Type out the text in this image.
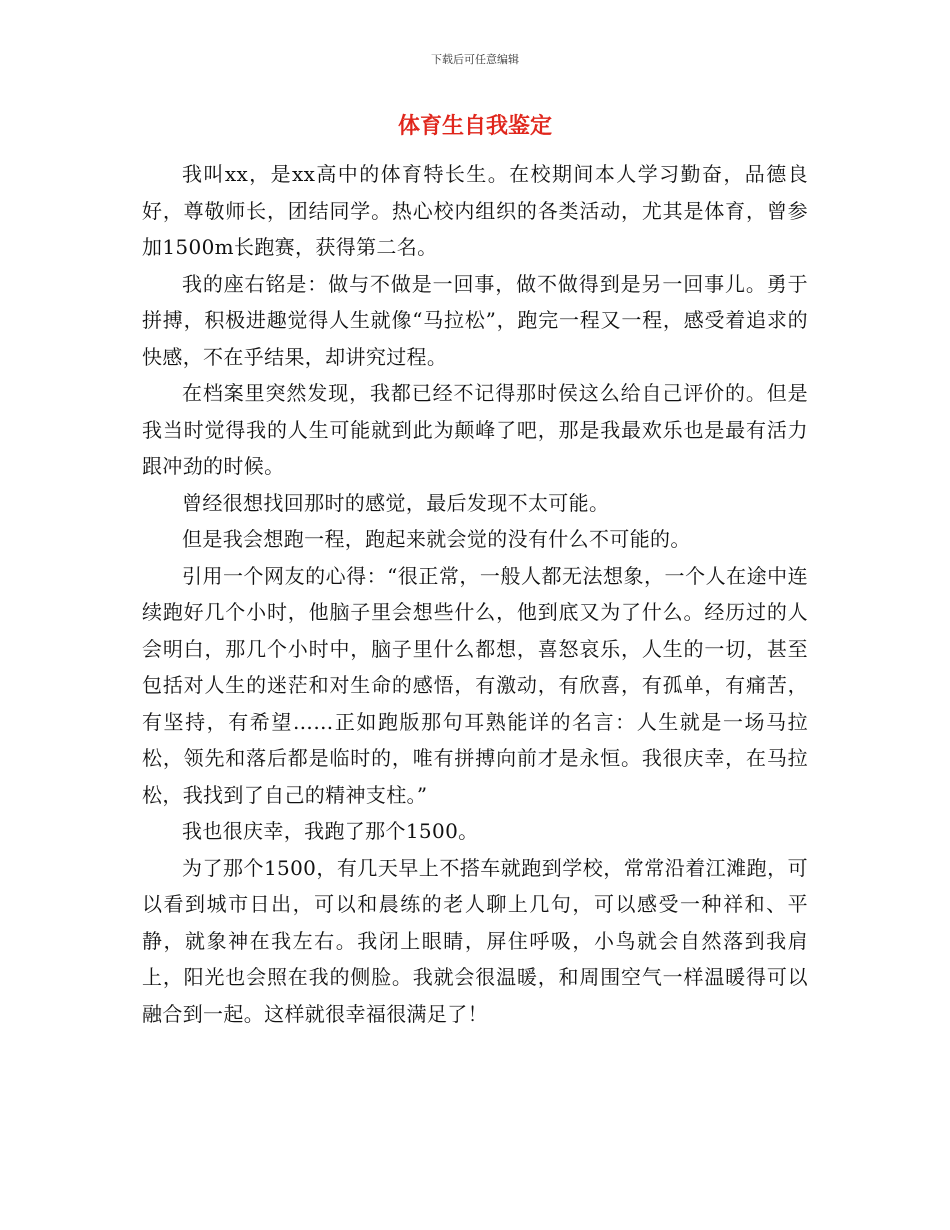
下载后可任意编辑
体育生自我鉴定

我叫xx，是xx高中的体育特长生。在校期间本人学习勤奋，品德良好，尊敬师长，团结同学。热心校内组织的各类活动，尤其是体育，曾参加1500m长跑赛，获得第二名。

我的座右铭是：做与不做是一回事，做不做得到是另一回事儿。勇于拼搏，积极进趣觉得人生就像“马拉松”，跑完一程又一程，感受着追求的快感，不在乎结果，却讲究过程。

在档案里突然发现，我都已经不记得那时侯这么给自己评价的。但是我当时觉得我的人生可能就到此为颠峰了吧，那是我最欢乐也是最有活力跟冲劲的时候。

曾经很想找回那时的感觉，最后发现不太可能。

但是我会想跑一程，跑起来就会觉的没有什么不可能的。

引用一个网友的心得：“很正常，一般人都无法想象，一个人在途中连续跑好几个小时，他脑子里会想些什么，他到底又为了什么。经历过的人会明白，那几个小时中，脑子里什么都想，喜怒哀乐，人生的一切，甚至包括对人生的迷茫和对生命的感悟，有激动，有欣喜，有孤单，有痛苦，有坚持，有希望……正如跑版那句耳熟能详的名言：人生就是一场马拉松，领先和落后都是临时的，唯有拼搏向前才是永恒。我很庆幸，在马拉松，我找到了自己的精神支柱。”

我也很庆幸，我跑了那个1500。

为了那个1500，有几天早上不搭车就跑到学校，常常沿着江滩跑，可以看到城市日出，可以和晨练的老人聊上几句，可以感受一种祥和、平静，就象神在我左右。我闭上眼睛，屏住呼吸，小鸟就会自然落到我肩上，阳光也会照在我的侧脸。我就会很温暖，和周围空气一样温暖得可以融合到一起。这样就很幸福很满足了！
